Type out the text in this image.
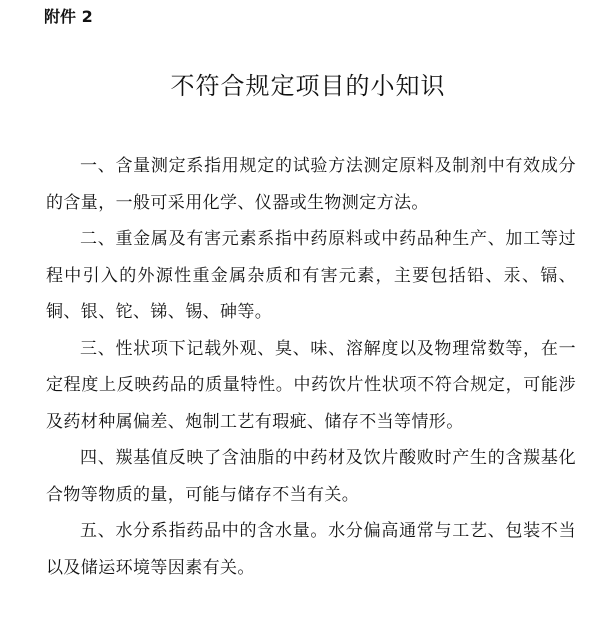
附件 2
不符合规定项目的小知识

一、含量测定系指用规定的试验方法测定原料及制剂中有效成分的含量，一般可采用化学、仪器或生物测定方法。

二、重金属及有害元素系指中药原料或中药品种生产、加工等过程中引入的外源性重金属杂质和有害元素，主要包括铅、汞、镉、铜、银、铊、锑、锡、砷等。

三、性状项下记载外观、臭、味、溶解度以及物理常数等，在一定程度上反映药品的质量特性。中药饮片性状项不符合规定，可能涉及药材种属偏差、炮制工艺有瑕疵、储存不当等情形。

四、羰基值反映了含油脂的中药材及饮片酸败时产生的含羰基化合物等物质的量，可能与储存不当有关。

五、水分系指药品中的含水量。水分偏高通常与工艺、包装不当以及储运环境等因素有关。
